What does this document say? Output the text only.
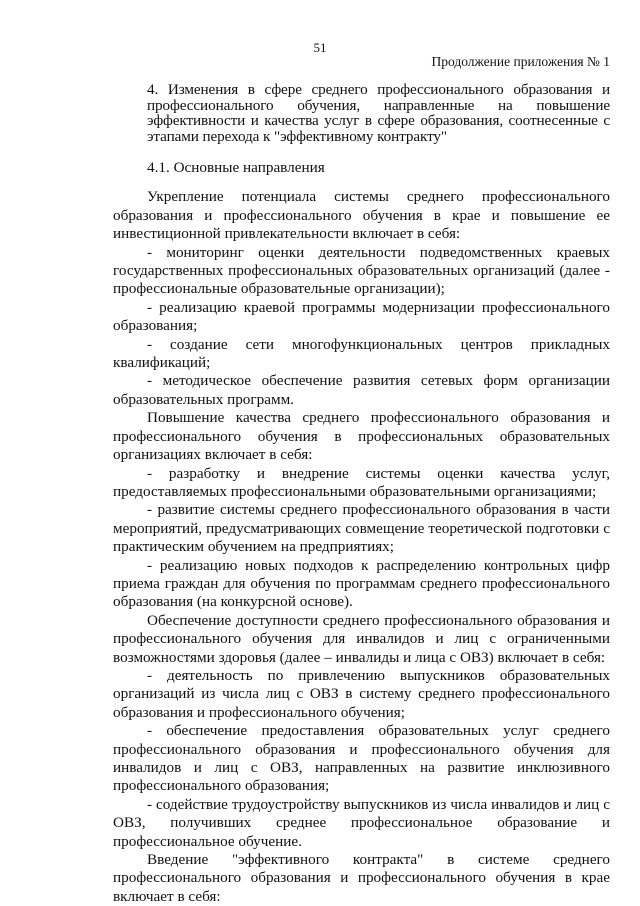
51
Продолжение приложения № 1

4. Изменения в сфере среднего профессионального образования и профессионального обучения, направленные на повышение эффективности и качества услуг в сфере образования, соотнесенные с этапами перехода к "эффективному контракту"

4.1. Основные направления

Укрепление потенциала системы среднего профессионального образования и профессионального обучения в крае и повышение ее инвестиционной привлекательности включает в себя:

- мониторинг оценки деятельности подведомственных краевых государственных профессиональных образовательных организаций (далее - профессиональные образовательные организации);

- реализацию краевой программы модернизации профессионального образования;

- создание сети многофункциональных центров прикладных квалификаций;

- методическое обеспечение развития сетевых форм организации образовательных программ.

Повышение качества среднего профессионального образования и профессионального обучения в профессиональных образовательных организациях включает в себя:

- разработку и внедрение системы оценки качества услуг, предоставляемых профессиональными образовательными организациями;

- развитие системы среднего профессионального образования в части мероприятий, предусматривающих совмещение теоретической подготовки с практическим обучением на предприятиях;

- реализацию новых подходов к распределению контрольных цифр приема граждан для обучения по программам среднего профессионального образования (на конкурсной основе).

Обеспечение доступности среднего профессионального образования и профессионального обучения для инвалидов и лиц с ограниченными возможностями здоровья (далее – инвалиды и лица с ОВЗ) включает в себя:

- деятельность по привлечению выпускников образовательных организаций из числа лиц с ОВЗ в систему среднего профессионального образования и профессионального обучения;

- обеспечение предоставления образовательных услуг среднего профессионального образования и профессионального обучения для инвалидов и лиц с ОВЗ, направленных на развитие инклюзивного профессионального образования;

- содействие трудоустройству выпускников из числа инвалидов и лиц с ОВЗ, получивших среднее профессиональное образование и профессиональное обучение.

Введение "эффективного контракта" в системе среднего профессионального образования и профессионального обучения в крае включает в себя:
